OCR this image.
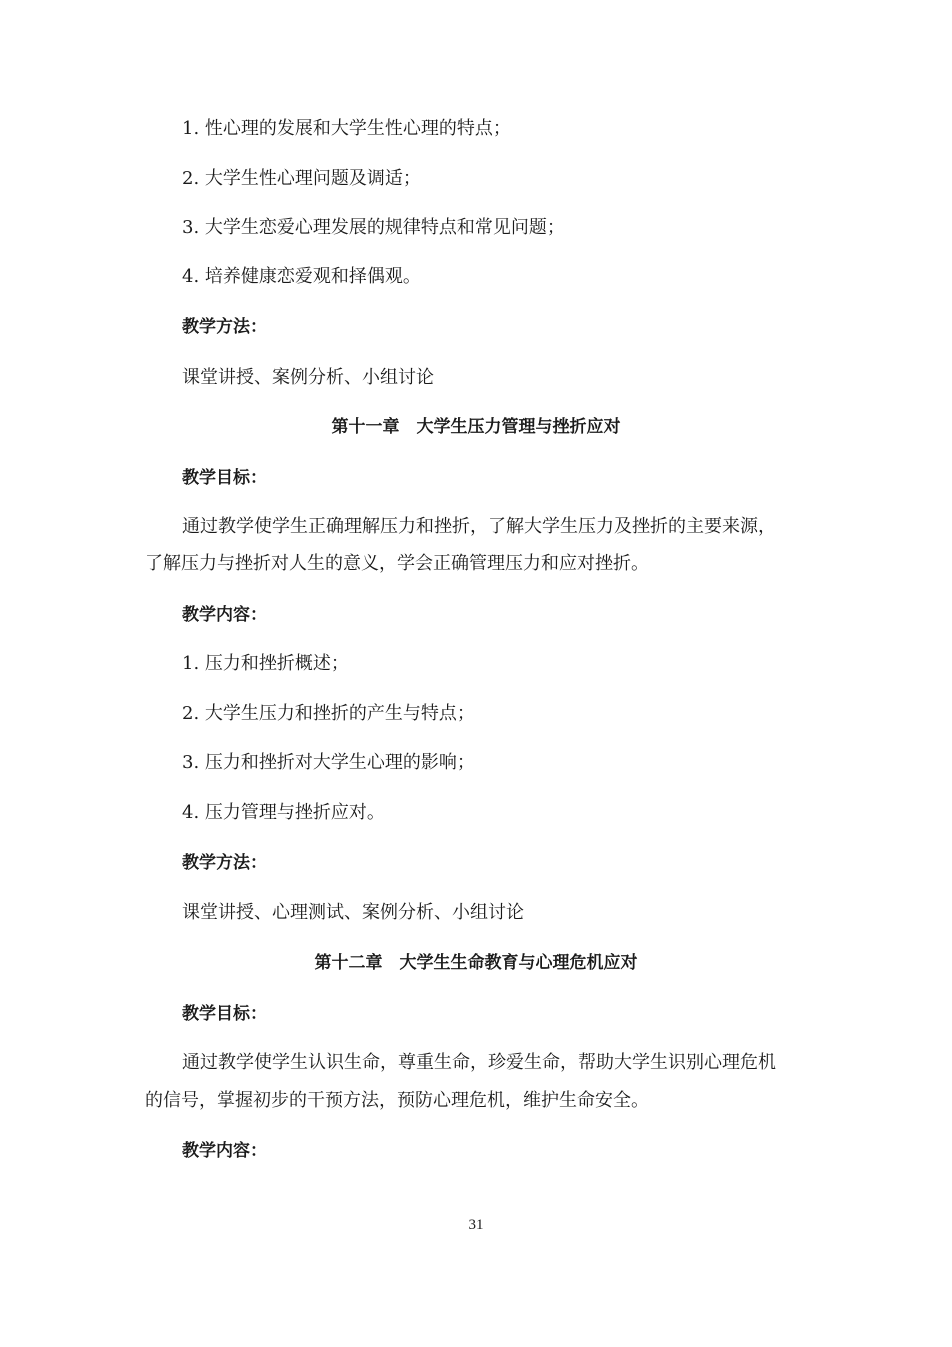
1. 性心理的发展和大学生性心理的特点；
2. 大学生性心理问题及调适；
3. 大学生恋爱心理发展的规律特点和常见问题；
4. 培养健康恋爱观和择偶观。
教学方法：
课堂讲授、案例分析、小组讨论
第十一章　大学生压力管理与挫折应对
教学目标：
通过教学使学生正确理解压力和挫折，了解大学生压力及挫折的主要来源，
了解压力与挫折对人生的意义，学会正确管理压力和应对挫折。
教学内容：
1. 压力和挫折概述；
2. 大学生压力和挫折的产生与特点；
3. 压力和挫折对大学生心理的影响；
4. 压力管理与挫折应对。
教学方法：
课堂讲授、心理测试、案例分析、小组讨论
第十二章　大学生生命教育与心理危机应对
教学目标：
通过教学使学生认识生命，尊重生命，珍爱生命，帮助大学生识别心理危机
的信号，掌握初步的干预方法，预防心理危机，维护生命安全。
教学内容：
31
